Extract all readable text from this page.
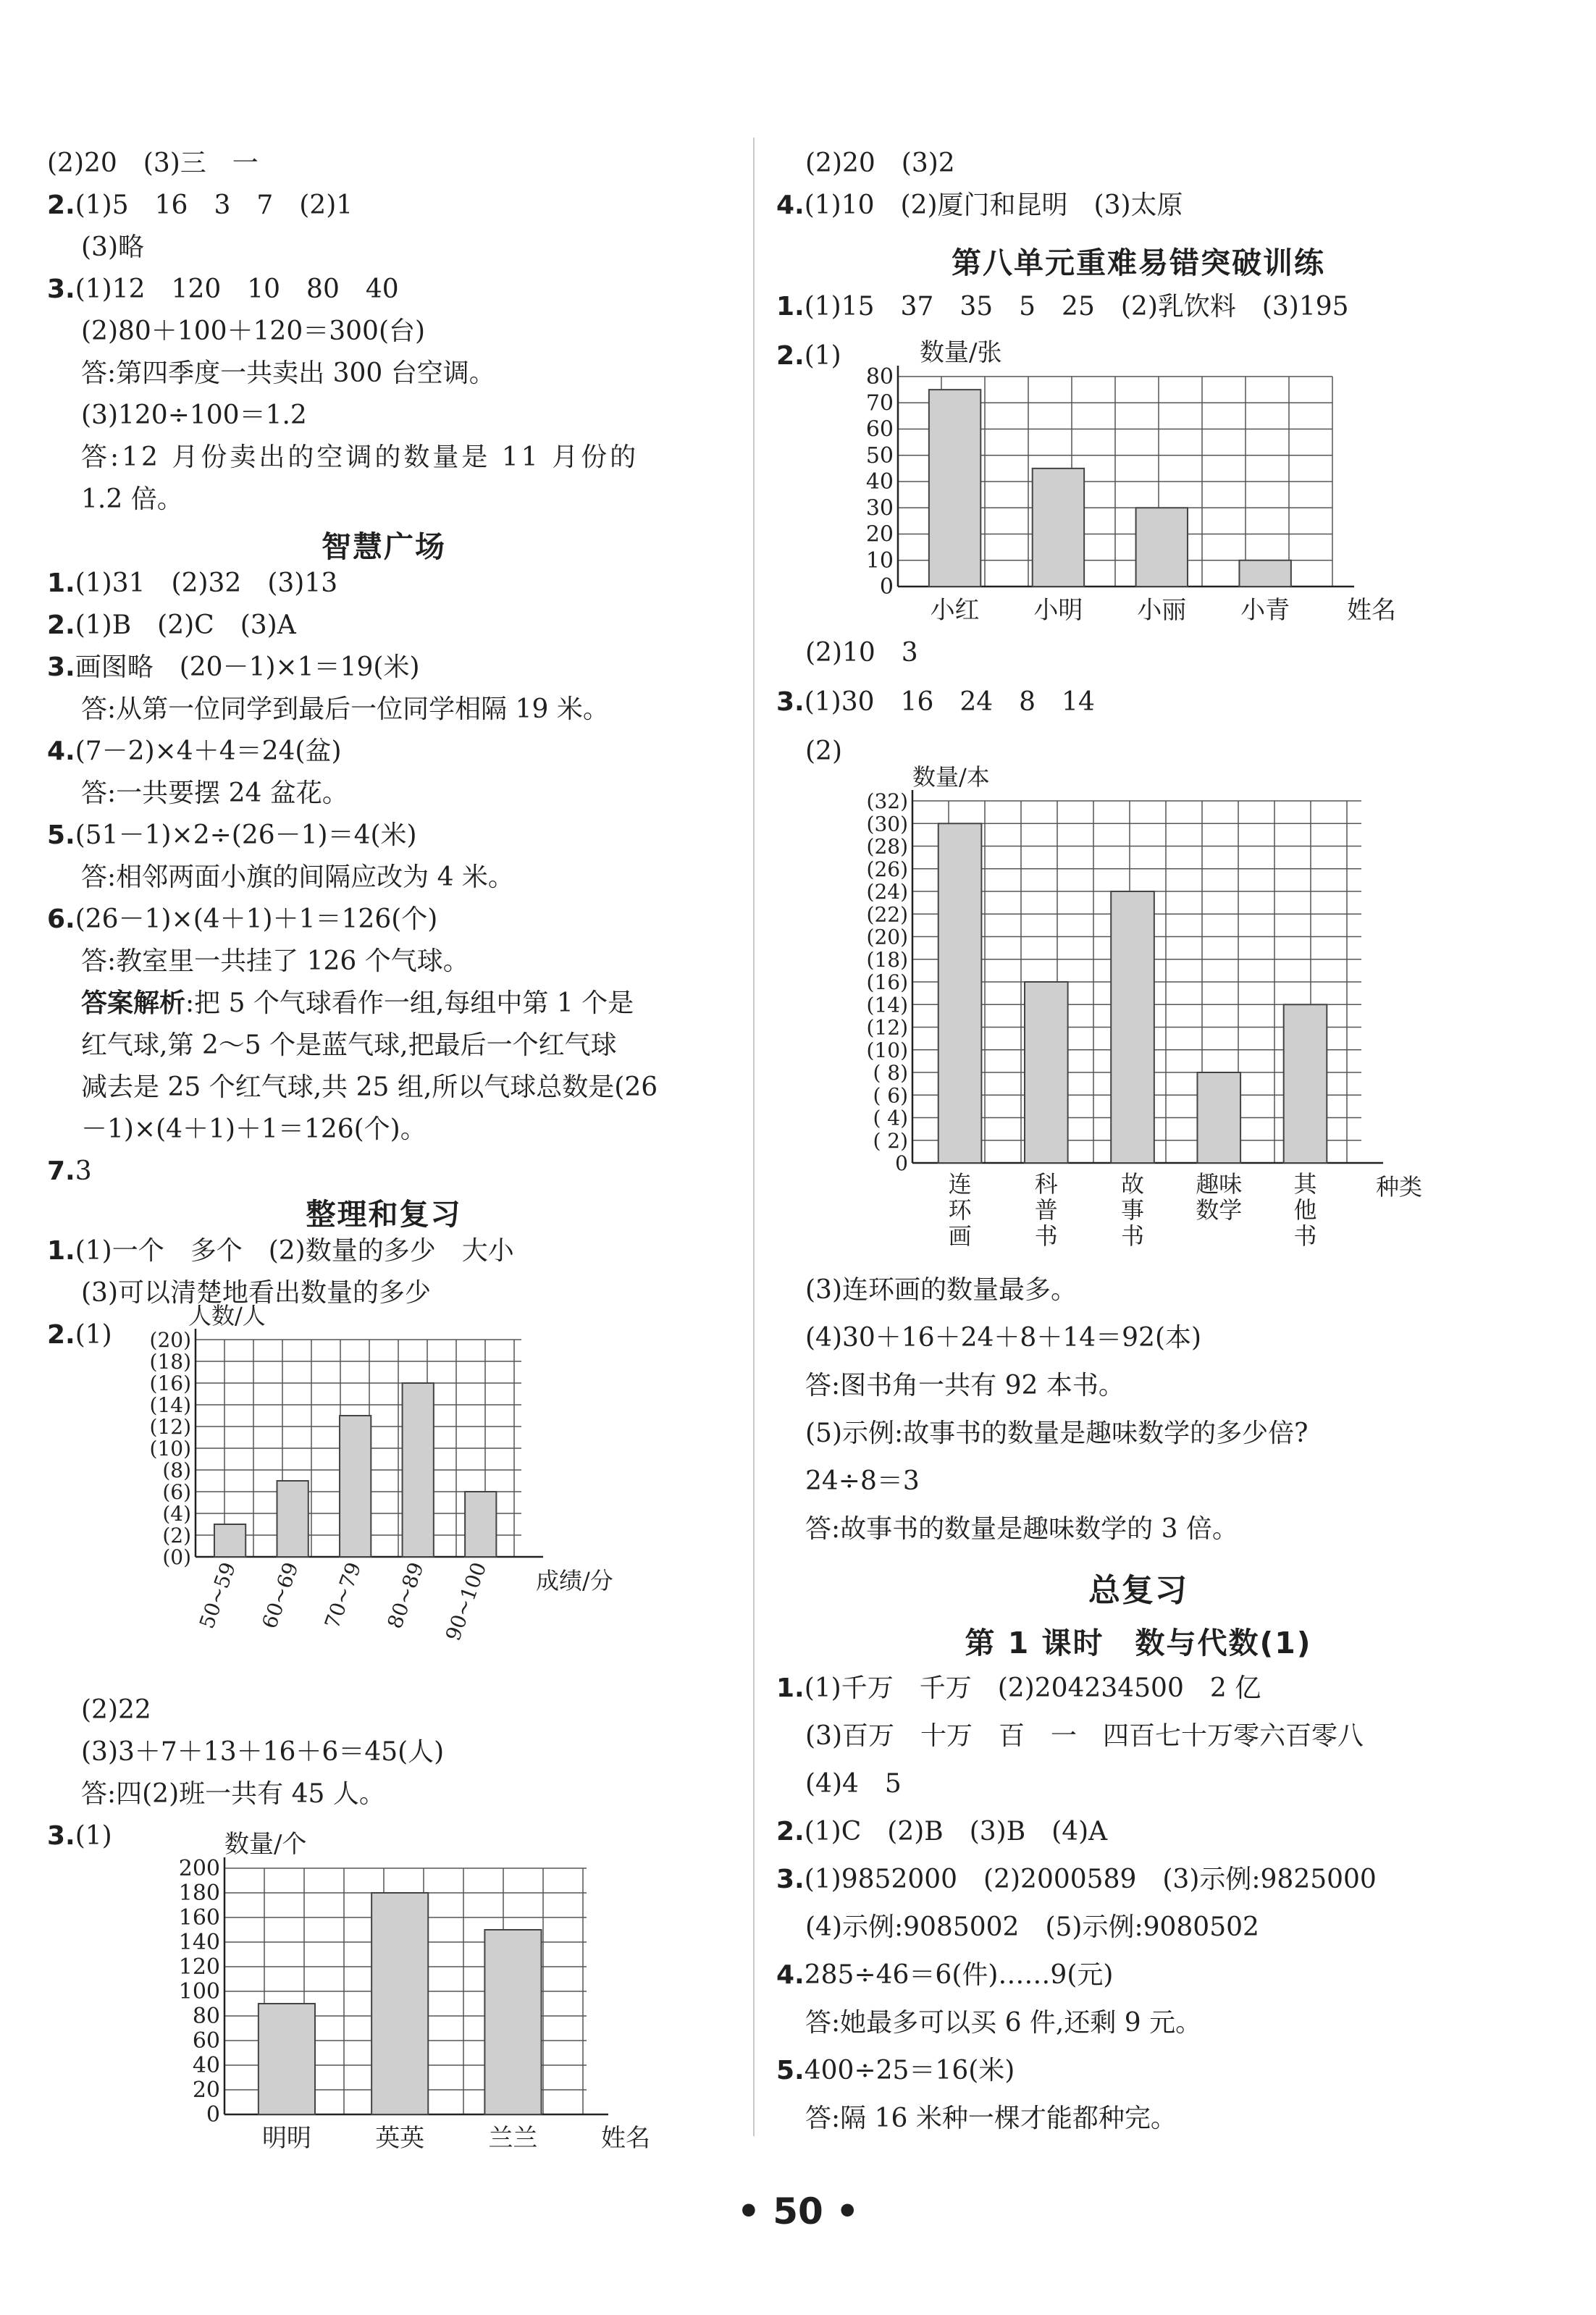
(2)20　(3)三　一
2.(1)5　16　3　7　(2)1
(3)略
3.(1)12　120　10　80　40
(2)80＋100＋120＝300(台)
答:第四季度一共卖出 300 台空调。
(3)120÷100＝1.2
答:12 月份卖出的空调的数量是 11 月份的
1.2 倍。
智慧广场
1.(1)31　(2)32　(3)13
2.(1)B　(2)C　(3)A
3.画图略　(20－1)×1＝19(米)
答:从第一位同学到最后一位同学相隔 19 米。
4.(7－2)×4＋4＝24(盆)
答:一共要摆 24 盆花。
5.(51－1)×2÷(26－1)＝4(米)
答:相邻两面小旗的间隔应改为 4 米。
6.(26－1)×(4＋1)＋1＝126(个)
答:教室里一共挂了 126 个气球。
答案解析:把 5 个气球看作一组,每组中第 1 个是
红气球,第 2～5 个是蓝气球,把最后一个红气球
减去是 25 个红气球,共 25 组,所以气球总数是(26
－1)×(4＋1)＋1＝126(个)。
7.3
整理和复习
1.(1)一个　多个　(2)数量的多少　大小
(3)可以清楚地看出数量的多少
2.(1)
(0)
(2)
(4)
(6)
(8)
(10)
(12)
(14)
(16)
(18)
(20)
人数/人
成绩/分
50~59 60~69 70~79 80~89 90~100
(2)22
(3)3＋7＋13＋16＋6＝45(人)
答:四(2)班一共有 45 人。
3.(1)
0
20
40
60
80
100
120
140
160
180
200
数量/个
姓名
明明	英英	兰兰
(2)20　(3)2
4.(1)10　(2)厦门和昆明　(3)太原
第八单元重难易错突破训练
1.(1)15　37　35　5　25　(2)乳饮料　(3)195
2.(1)
0
10
20
30
40
50
60
70
80
数量/张
姓名
小红 小明 小丽 小青
(2)10　3
3.(1)30　16　24　8　14
(2)
0
( 2)
( 4)
( 6)
( 8)
(10)
(12)
(14)
(16)
(18)
(20)
(22)
(24)
(26)
(28)
(30)
(32)
数量/本
种类
连
环
画
科
普
书
故
事
书
趣味
数学
其
他
书
(3)连环画的数量最多。
(4)30＋16＋24＋8＋14＝92(本)
答:图书角一共有 92 本书。
(5)示例:故事书的数量是趣味数学的多少倍?
24÷8＝3
答:故事书的数量是趣味数学的 3 倍。
总复习
第 1 课时　数与代数(1)
1.(1)千万　千万　(2)204234500　2 亿
(3)百万　十万　百　一　四百七十万零六百零八
(4)4　5
2.(1)C　(2)B　(3)B　(4)A
3.(1)9852000　(2)2000589　(3)示例:9825000
(4)示例:9085002　(5)示例:9080502
4.285÷46＝6(件)……9(元)
答:她最多可以买 6 件,还剩 9 元。
5.400÷25＝16(米)
答:隔 16 米种一棵才能都种完。
• 50 •
